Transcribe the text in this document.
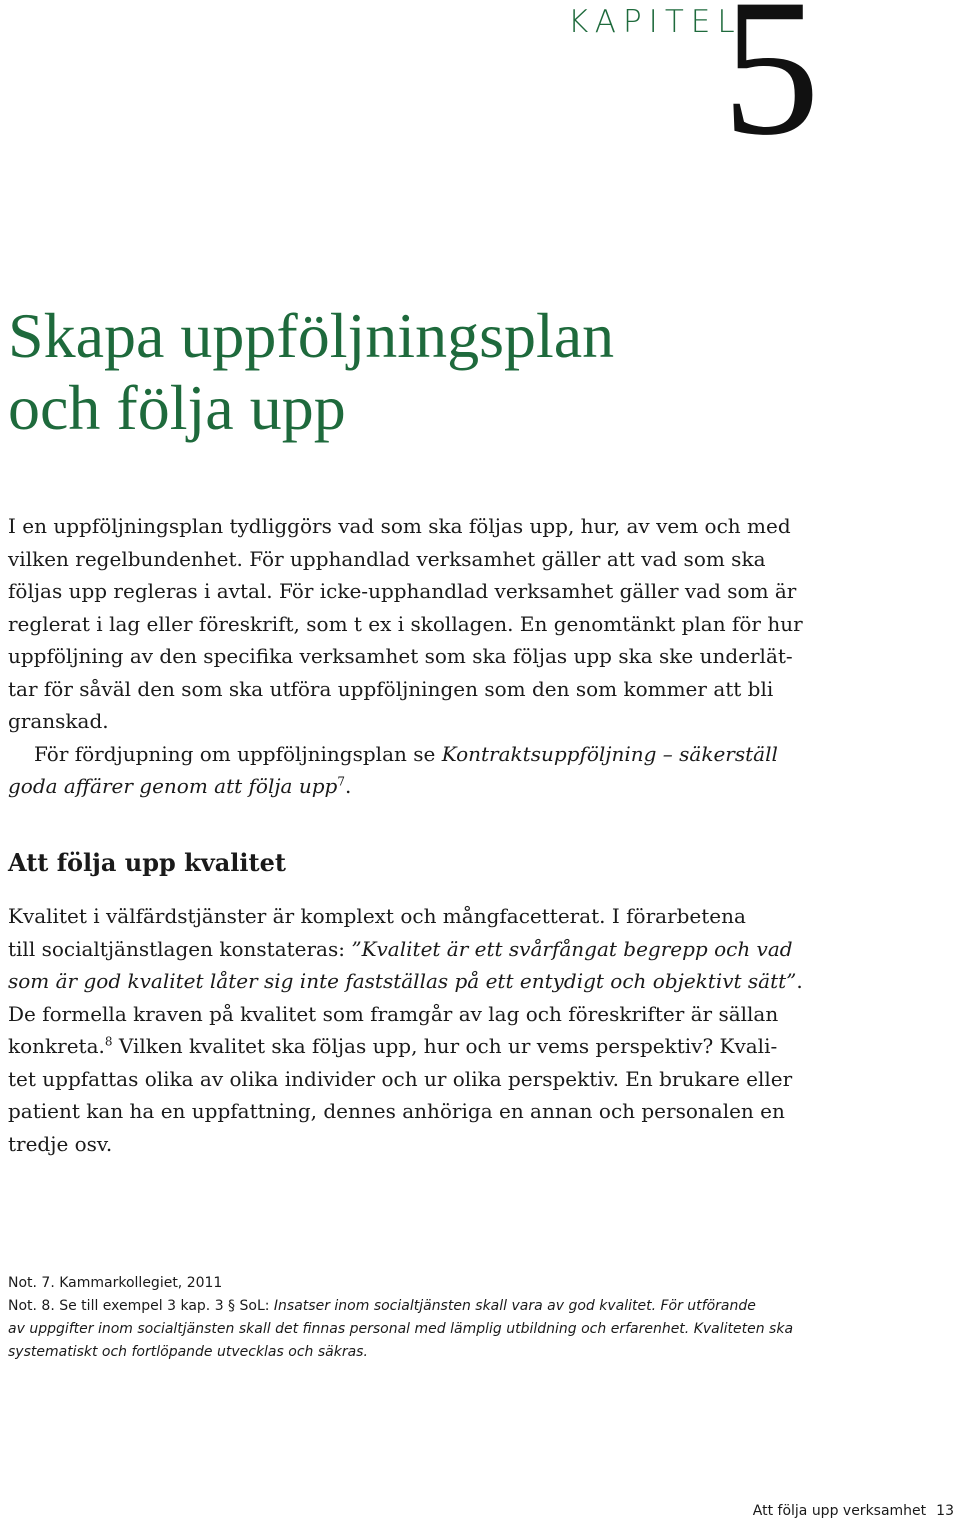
KAPITEL
5
Skapa uppföljningsplan
och följa upp
I en uppföljningsplan tydliggörs vad som ska följas upp, hur, av vem och med
vilken regelbundenhet. För upphandlad verksamhet gäller att vad som ska
följas upp regleras i avtal. För icke-upphandlad verksamhet gäller vad som är
reglerat i lag eller föreskrift, som t ex i skollagen. En genomtänkt plan för hur
uppföljning av den specifika verksamhet som ska följas upp ska ske underlät-
tar för såväl den som ska utföra uppföljningen som den som kommer att bli
granskad.
För fördjupning om uppföljningsplan se Kontraktsuppföljning – säkerställ
goda affärer genom att följa upp$^7$.
Att följa upp kvalitet
Kvalitet i välfärdstjänster är komplext och mångfacetterat. I förarbetena
till socialtjänstlagen konstateras: ”Kvalitet är ett svårfångat begrepp och vad
som är god kvalitet låter sig inte fastställas på ett entydigt och objektivt sätt”.
De formella kraven på kvalitet som framgår av lag och föreskrifter är sällan
konkreta.$^8$ Vilken kvalitet ska följas upp, hur och ur vems perspektiv? Kvali-
tet uppfattas olika av olika individer och ur olika perspektiv. En brukare eller
patient kan ha en uppfattning, dennes anhöriga en annan och personalen en
tredje osv.
Not. 7. Kammarkollegiet, 2011
Not. 8. Se till exempel 3 kap. 3 § SoL: Insatser inom socialtjänsten skall vara av god kvalitet. För utförande
av uppgifter inom socialtjänsten skall det finnas personal med lämplig utbildning och erfarenhet. Kvaliteten ska
systematiskt och fortlöpande utvecklas och säkras.
Att följa upp verksamhet 13
